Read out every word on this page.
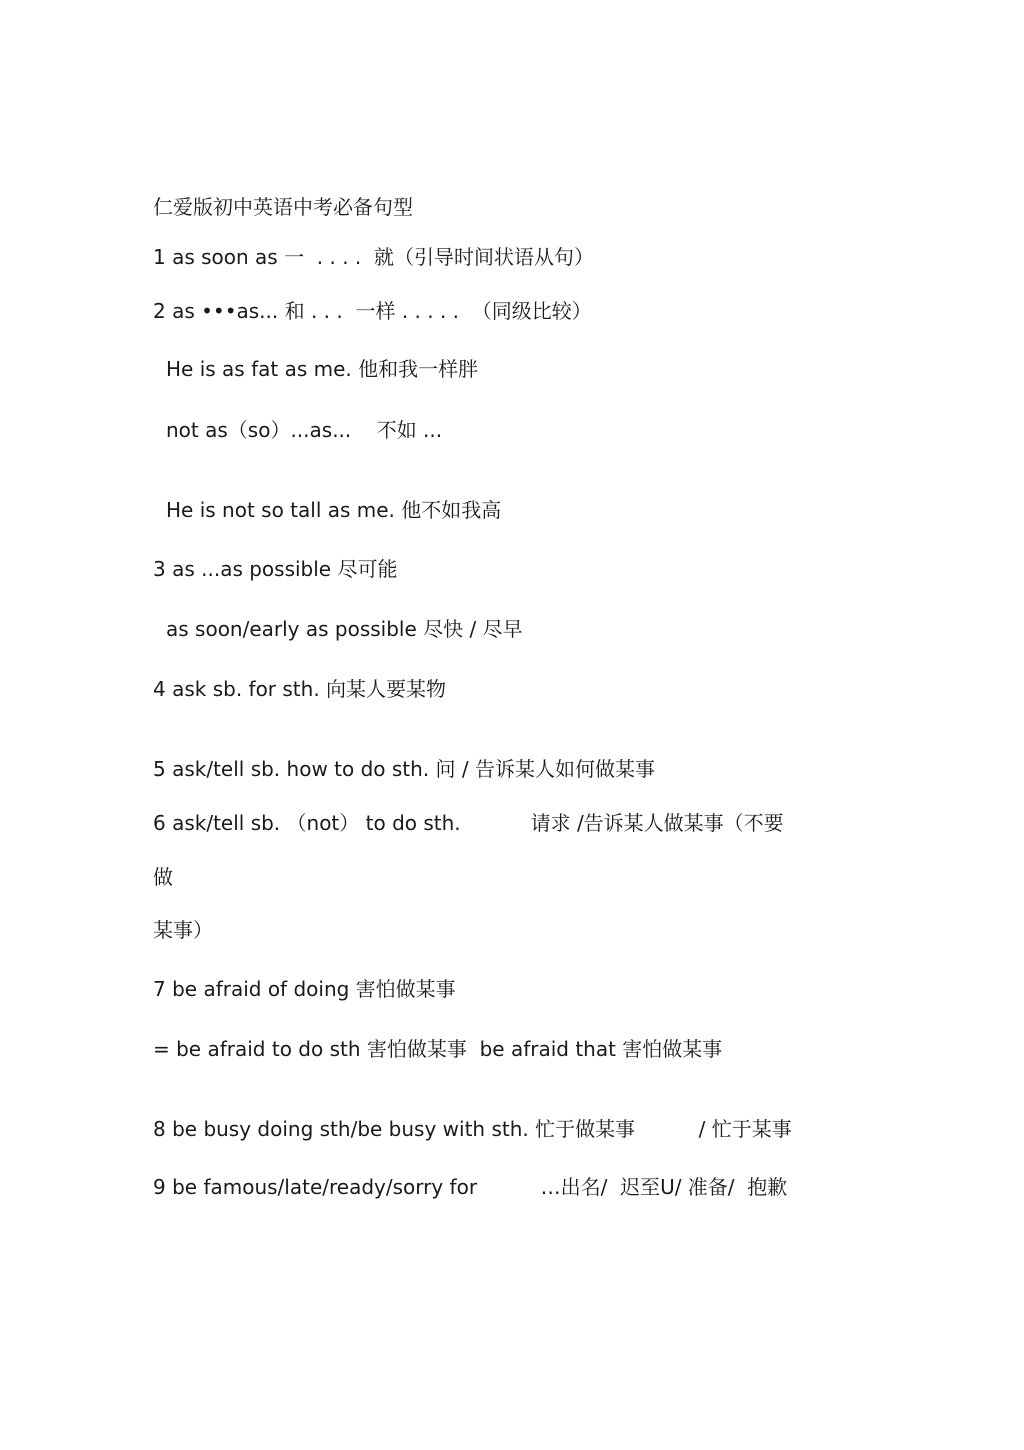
仁爱版初中英语中考必备句型
1 as soon as 一  . . . .  就（引导时间状语从句）
2 as •••as... 和 . . .  一样 . . . . .  （同级比较）
He is as fat as me. 他和我一样胖
not as（so）...as...    不如 ...
He is not so tall as me. 他不如我高
3 as ...as possible 尽可能
as soon/early as possible 尽快 / 尽早
4 ask sb. for sth. 向某人要某物
5 ask/tell sb. how to do sth. 问 / 告诉某人如何做某事
6 ask/tell sb. （not） to do sth.           请求 /告诉某人做某事（不要
做
某事）
7 be afraid of doing 害怕做某事
= be afraid to do sth 害怕做某事  be afraid that 害怕做某事
8 be busy doing sth/be busy with sth. 忙于做某事          / 忙于某事
9 be famous/late/ready/sorry for          …出名/  迟至U/ 准备/  抱歉
